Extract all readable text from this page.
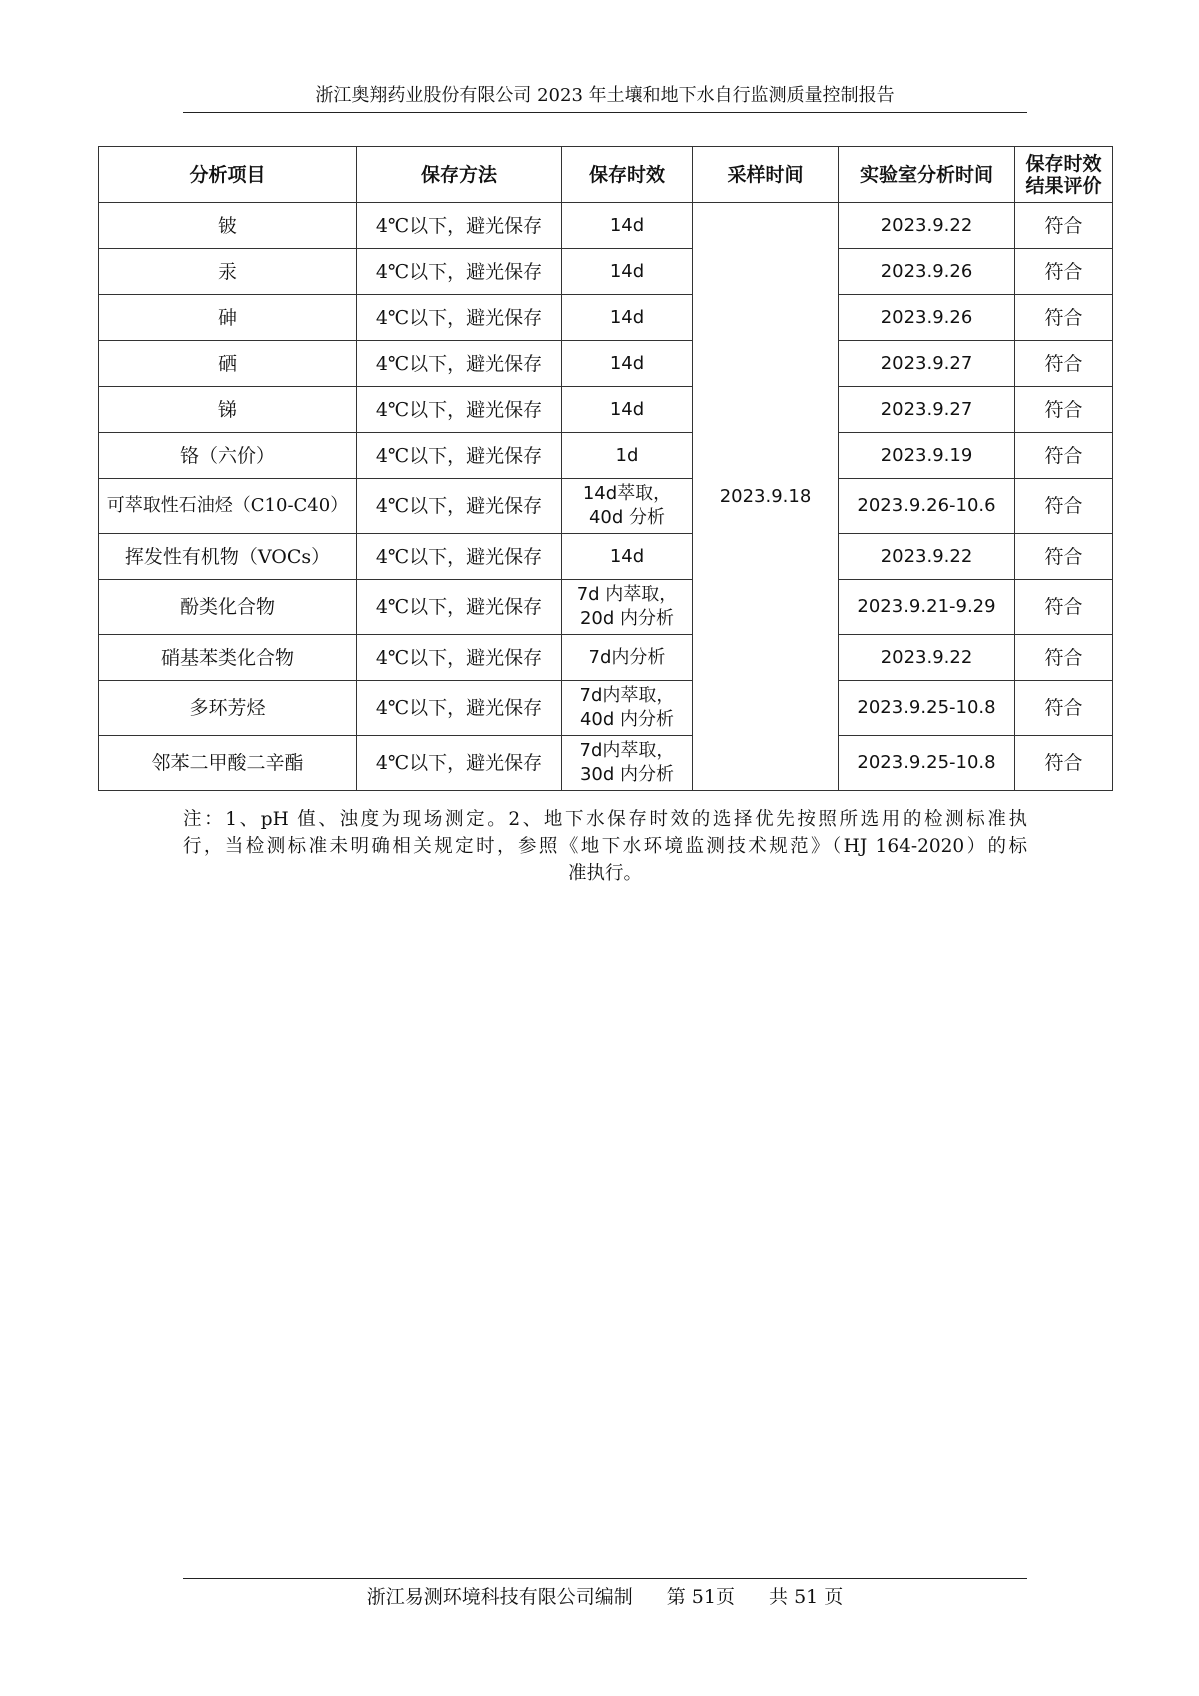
浙江奥翔药业股份有限公司 2023 年土壤和地下水自行监测质量控制报告
分析项目	保存方法	保存时效	采样时间	实验室分析时间	保存时效结果评价
铍	4℃以下，避光保存	14d	2023.9.18	2023.9.22	符合
汞	4℃以下，避光保存	14d		2023.9.26	符合
砷	4℃以下，避光保存	14d		2023.9.26	符合
硒	4℃以下，避光保存	14d		2023.9.27	符合
锑	4℃以下，避光保存	14d		2023.9.27	符合
铬（六价）	4℃以下，避光保存	1d		2023.9.19	符合
可萃取性石油烃（C10-C40）	4℃以下，避光保存	14d萃取，
40d 分析		2023.9.26-10.6	符合
挥发性有机物（VOCs）	4℃以下，避光保存	14d		2023.9.22	符合
酚类化合物	4℃以下，避光保存	7d 内萃取，
20d 内分析		2023.9.21-9.29	符合
硝基苯类化合物	4℃以下，避光保存	7d内分析		2023.9.22	符合
多环芳烃	4℃以下，避光保存	7d内萃取，
40d 内分析		2023.9.25-10.8	符合
邻苯二甲酸二辛酯	4℃以下，避光保存	7d内萃取，
30d 内分析		2023.9.25-10.8	符合

注：1、pH 值、浊度为现场测定。2、地下水保存时效的选择优先按照所选用的检测标准执

行，当检测标准未明确相关规定时，参照《地下水环境监测技术规范》（HJ 164-2020）的标

准执行。

浙江易测环境科技有限公司编制 第 51页 共 51 页
